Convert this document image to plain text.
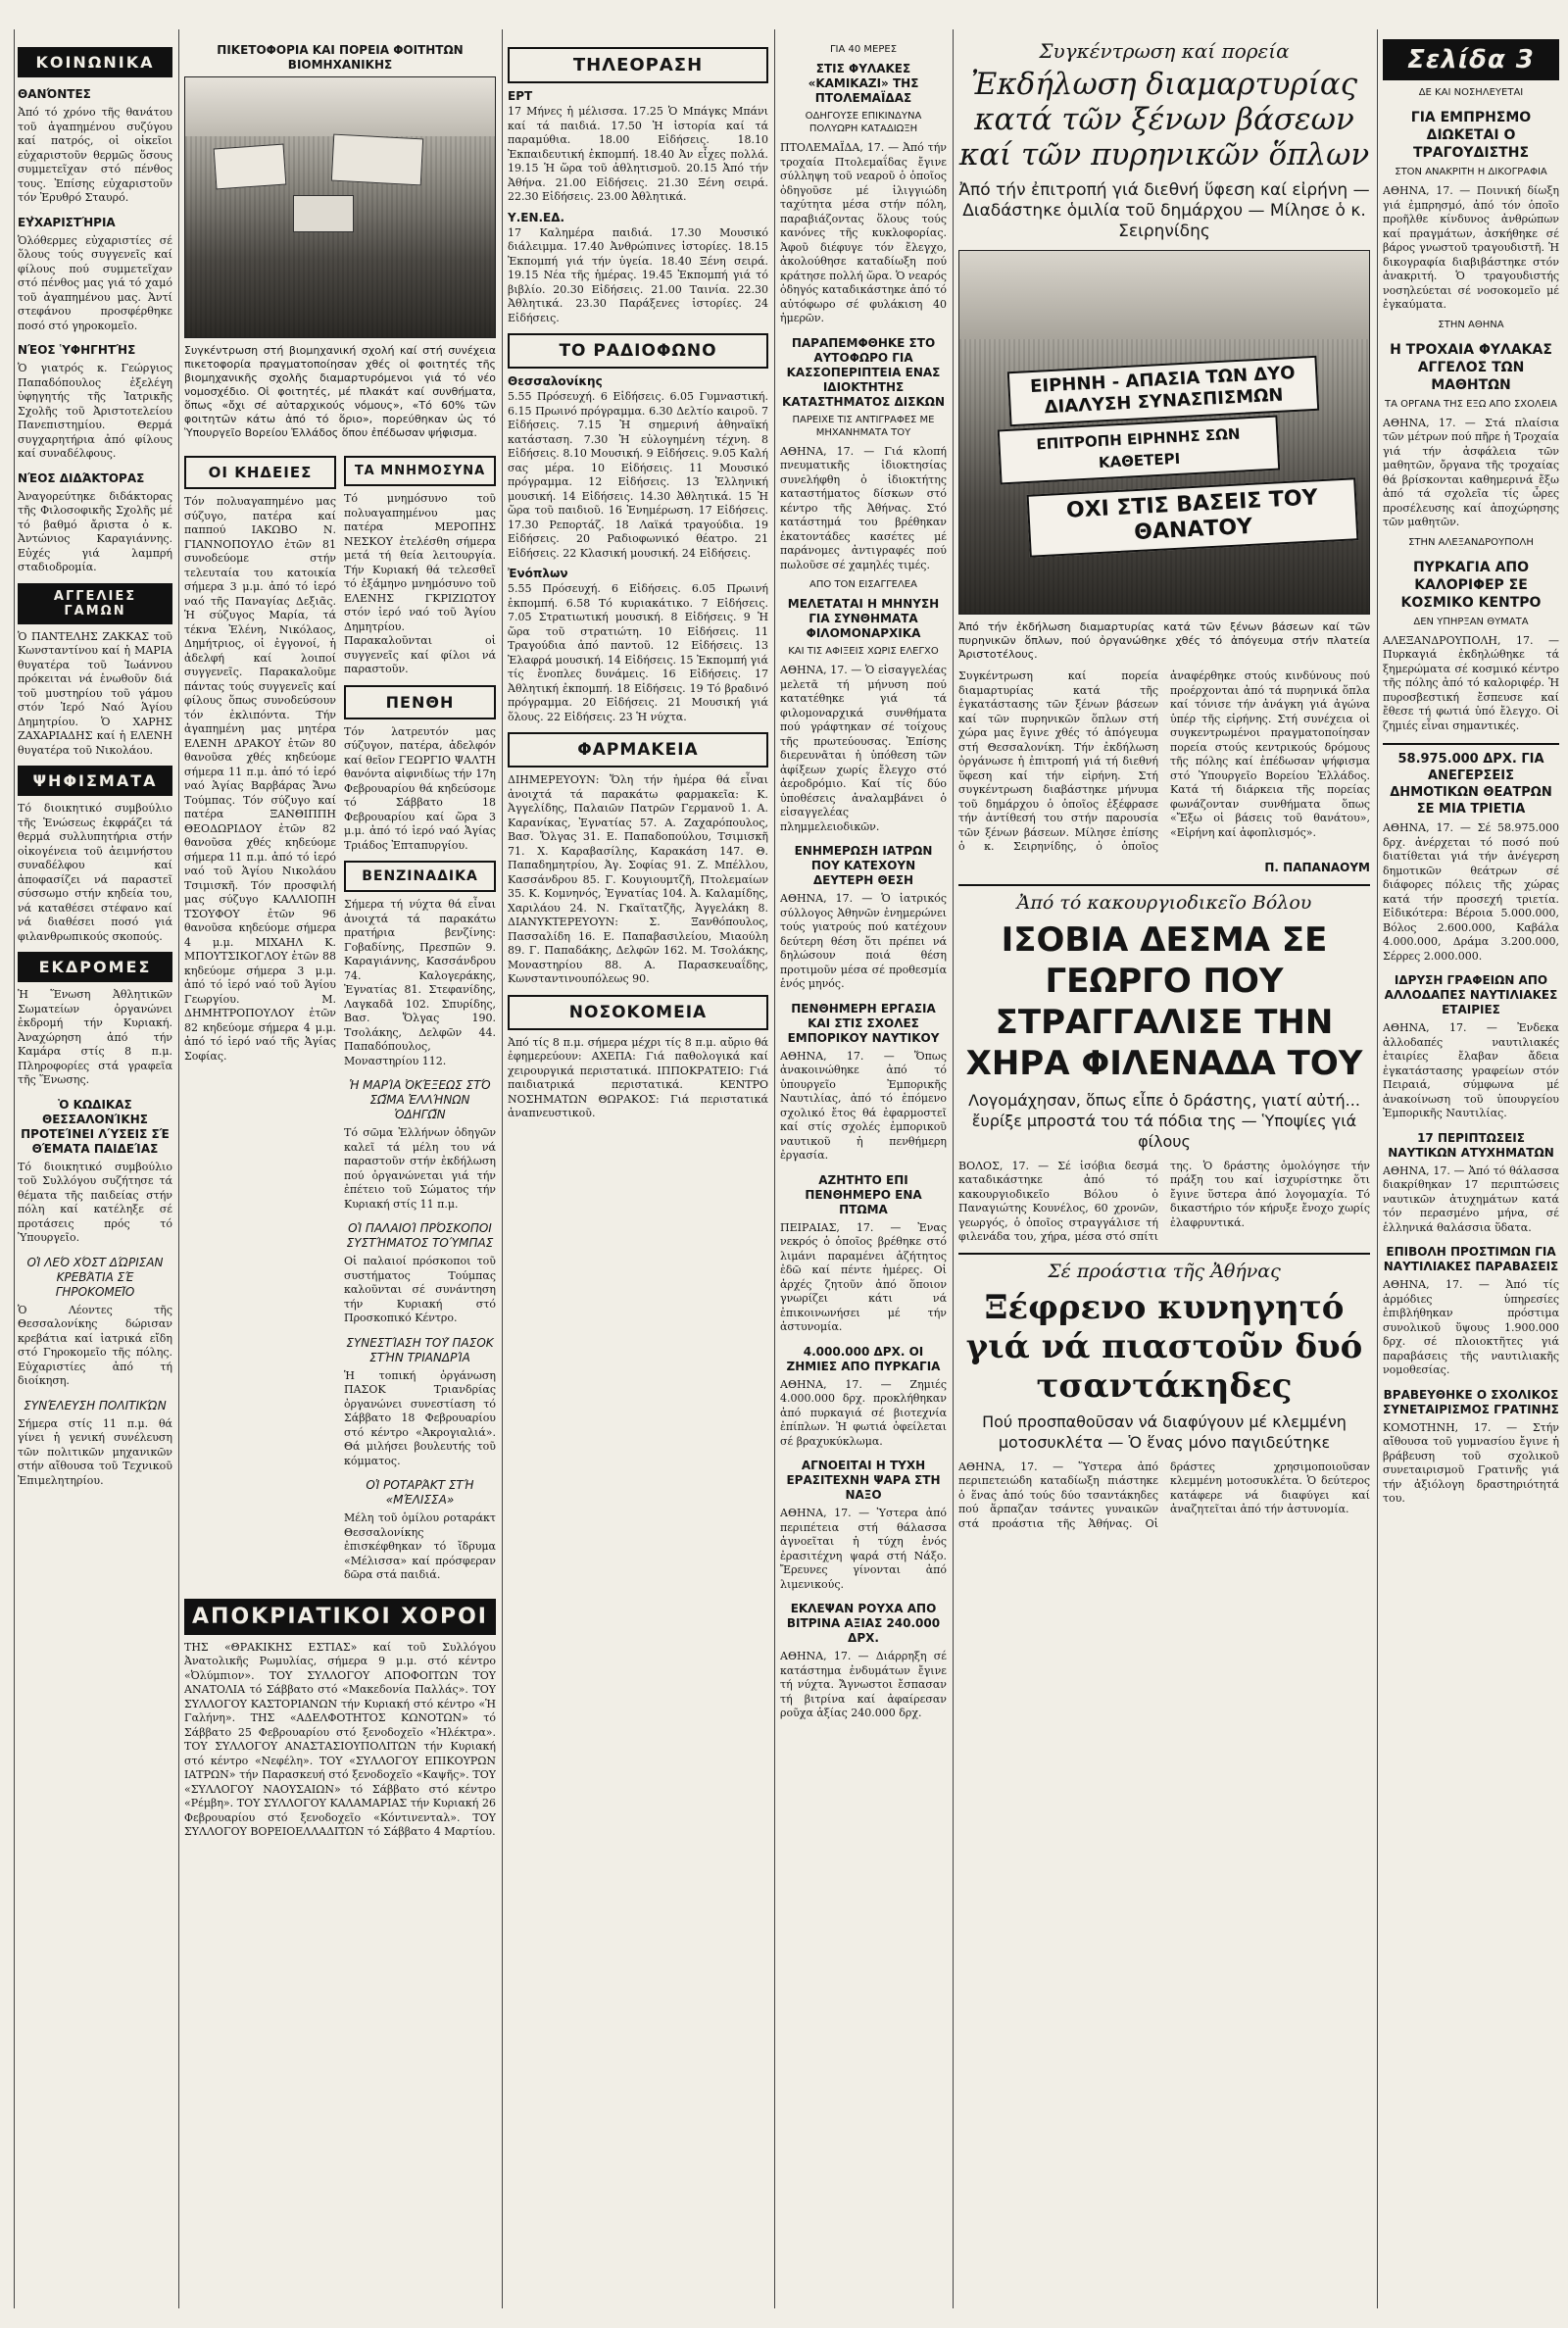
ΚΟΙΝΩΝΙΚΑ
ΘΑΝΌΝΤΕΣ

Ἀπό τό χρόνο τῆς θανάτου τοῦ ἀγαπημένου συζύγου καί πατρός, οἱ οἰκεῖοι εὐχαριστοῦν θερμῶς ὅσους συμμετεῖχαν στό πένθος τους. Ἐπίσης εὐχαριστοῦν τόν Ἐρυθρό Σταυρό.

ΕΥ̓ΧΑΡΙΣΤΉΡΙΑ

Ὁλόθερμες εὐχαριστίες σέ ὅλους τούς συγγενεῖς καί φίλους πού συμμετεῖχαν στό πένθος μας γιά τό χαμό τοῦ ἀγαπημένου μας. Ἀντί στεφάνου προσφέρθηκε ποσό στό γηροκομεῖο.

ΝΈΟΣ ὙΦΗΓΗΤΉΣ

Ὁ γιατρός κ. Γεώργιος Παπαδόπουλος ἐξελέγη ὑφηγητής τῆς Ἰατρικῆς Σχολῆς τοῦ Ἀριστοτελείου Πανεπιστημίου. Θερμά συγχαρητήρια ἀπό φίλους καί συναδέλφους.

ΝΈΟΣ ΔΙΔΆΚΤΟΡΑΣ

Ἀναγορεύτηκε διδάκτορας τῆς Φιλοσοφικῆς Σχολῆς μέ τό βαθμό ἄριστα ὁ κ. Ἀντώνιος Καραγιάννης. Εὐχές γιά λαμπρή σταδιοδρομία.

ΑΓΓΕΛΙΕΣ ΓΑΜΩΝ

Ὁ ΠΑΝΤΕΛΗΣ ΖΑΚΚΑΣ τοῦ Κωνσταντίνου καί ἡ ΜΑΡΙΑ θυγατέρα τοῦ Ἰωάννου πρόκειται νά ἑνωθοῦν διά τοῦ μυστηρίου τοῦ γάμου στόν Ἱερό Ναό Ἁγίου Δημητρίου. Ὁ ΧΑΡΗΣ ΖΑΧΑΡΙΑΔΗΣ καί ἡ ΕΛΕΝΗ θυγατέρα τοῦ Νικολάου.

ΨΗΦΙΣΜΑΤΑ

Τό διοικητικό συμβούλιο τῆς Ἑνώσεως ἐκφράζει τά θερμά συλλυπητήρια στήν οἰκογένεια τοῦ ἀειμνήστου συναδέλφου καί ἀποφασίζει νά παραστεῖ σύσσωμο στήν κηδεία του, νά καταθέσει στέφανο καί νά διαθέσει ποσό γιά φιλανθρωπικούς σκοπούς.

ΕΚΔΡΟΜΕΣ

Ἡ Ἕνωση Ἀθλητικῶν Σωματείων ὀργανώνει ἐκδρομή τήν Κυριακή. Ἀναχώρηση ἀπό τήν Καμάρα στίς 8 π.μ. Πληροφορίες στά γραφεῖα τῆς Ἕνωσης.

Ὁ ΚΩΔΙΚΑΣ ΘΕΣΣΑΛΟΝΊΚΗΣ ΠΡΟΤΕΊΝΕΙ ΛΎΣΕΙΣ ΣΈ ΘΈΜΑΤΑ ΠΑΙΔΕΊΑΣ

Τό διοικητικό συμβούλιο τοῦ Συλλόγου συζήτησε τά θέματα τῆς παιδείας στήν πόλη καί κατέληξε σέ προτάσεις πρός τό Ὑπουργεῖο.

ΟἹ ΛΕΌ ΧΌΣΤ ΔΏΡΙΣΑΝ ΚΡΕΒΆΤΙΑ ΣΈ ΓΗΡΟΚΟΜΕΙ͂Ο

Ὁ Λέοντες τῆς Θεσσαλονίκης δώρισαν κρεβάτια καί ἰατρικά εἴδη στό Γηροκομεῖο τῆς πόλης. Εὐχαριστίες ἀπό τή διοίκηση.

ΣΥΝΈΛΕΥΣΗ ΠΟΛΙΤΙΚΏΝ

Σήμερα στίς 11 π.μ. θά γίνει ἡ γενική συνέλευση τῶν πολιτικῶν μηχανικῶν στήν αἴθουσα τοῦ Τεχνικοῦ Ἐπιμελητηρίου.

ΠΙΚΕΤΟΦΟΡΙΑ ΚΑΙ ΠΟΡΕΙΑ ΦΟΙΤΗΤΩΝ ΒΙΟΜΗΧΑΝΙΚΗΣ

Συγκέντρωση στή βιομηχανική σχολή καί στή συνέχεια πικετοφορία πραγματοποίησαν χθές οἱ φοιτητές τῆς βιομηχανικῆς σχολῆς διαμαρτυρόμενοι γιά τό νέο νομοσχέδιο. Οἱ φοιτητές, μέ πλακάτ καί συνθήματα, ὅπως «ὄχι σέ αὐταρχικούς νόμους», «Τό 60% τῶν φοιτητῶν κάτω ἀπό τό ὅριο», πορεύθηκαν ὡς τό Ὑπουργεῖο Βορείου Ἑλλάδος ὅπου ἐπέδωσαν ψήφισμα.

ΟΙ ΚΗΔΕΙΕΣ

Τόν πολυαγαπημένο μας σύζυγο, πατέρα καί παππού ΙΑΚΩΒΟ Ν. ΓΙΑΝΝΟΠΟΥΛΟ ἐτῶν 81 συνοδεύομε στήν τελευταία του κατοικία σήμερα 3 μ.μ. ἀπό τό ἱερό ναό τῆς Παναγίας Δεξιᾶς. Ἡ σύζυγος Μαρία, τά τέκνα Ἐλένη, Νικόλαος, Δημήτριος, οἱ ἐγγονοί, ἡ ἀδελφή καί λοιποί συγγενεῖς. Παρακαλοῦμε πάντας τούς συγγενεῖς καί φίλους ὅπως συνοδεύσουν τόν ἐκλιπόντα. Τήν ἀγαπημένη μας μητέρα ΕΛΕΝΗ ΔΡΑΚΟΥ ἐτῶν 80 θανοῦσα χθές κηδεύομε σήμερα 11 π.μ. ἀπό τό ἱερό ναό Ἁγίας Βαρβάρας Ἄνω Τούμπας. Τόν σύζυγο καί πατέρα ΞΑΝΘΙΠΠΗ ΘΕΟΔΩΡΙΔΟΥ ἐτῶν 82 θανοῦσα χθές κηδεύομε σήμερα 11 π.μ. ἀπό τό ἱερό ναό τοῦ Ἁγίου Νικολάου Τσιμισκῆ. Τόν προσφιλή μας σύζυγο ΚΑΛΛΙΟΠΗ ΤΣΟΥΦΟΥ ἐτῶν 96 θανοῦσα κηδεύομε σήμερα 4 μ.μ. ΜΙΧΑΗΛ Κ. ΜΠΟΥΤΣΙΚΟΓΛΟΥ ἐτῶν 88 κηδεύομε σήμερα 3 μ.μ. ἀπό τό ἱερό ναό τοῦ Ἁγίου Γεωργίου. Μ. ΔΗΜΗΤΡΟΠΟΥΛΟΥ ἐτῶν 82 κηδεύομε σήμερα 4 μ.μ. ἀπό τό ἱερό ναό τῆς Ἁγίας Σοφίας.

ΤΑ ΜΝΗΜΟΣΥΝΑ

Τό μνημόσυνο τοῦ πολυαγαπημένου μας πατέρα ΜΕΡΟΠΗΣ ΝΕΣΚΟΥ ἐτελέσθη σήμερα μετά τή θεία λειτουργία. Τήν Κυριακή θά τελεσθεῖ τό ἐξάμηνο μνημόσυνο τοῦ ΕΛΕΝΗΣ ΓΚΡΙΖΙΩΤΟΥ στόν ἱερό ναό τοῦ Ἁγίου Δημητρίου. Παρακαλοῦνται οἱ συγγενεῖς καί φίλοι νά παραστοῦν.

ΠΕΝΘΗ

Τόν λατρευτόν μας σύζυγον, πατέρα, ἀδελφόν καί θεῖον ΓΕΩΡΓΙΟ ΨΑΛΤΗ θανόντα αἰφνιδίως τήν 17η Φεβρουαρίου θά κηδεύσομε τό Σάββατο 18 Φεβρουαρίου καί ὥρα 3 μ.μ. ἀπό τό ἱερό ναό Ἁγίας Τριάδος Ἐπταπυργίου.

ΒΕΝΖΙΝΑΔΙΚΑ

Σήμερα τή νύχτα θά εἶναι ἀνοιχτά τά παρακάτω πρατήρια βενζίνης: Γοβαδίνης, Πρεσπῶν 9. Καραγιάννης, Κασσάνδρου 74. Καλογεράκης, Ἐγνατίας 81. Στεφανίδης, Λαγκαδᾶ 102. Σπυρίδης, Βασ. Ὄλγας 190. Τσολάκης, Δελφῶν 44. Παπαδόπουλος, Μοναστηρίου 112.

Ἡ ΜΑΡΊΑ ὈΚΈΞΕΩΣ ΣΤΌ ΣΩ͂ΜΑ ἙΛΛΉΝΩΝ ὉΔΗΓΩ͂Ν

Τό σῶμα Ἑλλήνων ὁδηγῶν καλεῖ τά μέλη του νά παραστοῦν στήν ἐκδήλωση πού ὀργανώνεται γιά τήν ἐπέτειο τοῦ Σώματος τήν Κυριακή στίς 11 π.μ.

ΟἹ ΠΑΛΑΙΟΊ ΠΡΌΣΚΟΠΟΙ ΣΥΣΤΉΜΑΤΟΣ ΤΟΎΜΠΑΣ

Οἱ παλαιοί πρόσκοποι τοῦ συστήματος Τούμπας καλοῦνται σέ συνάντηση τήν Κυριακή στό Προσκοπικό Κέντρο.

ΣΥΝΕΣΤΊΑΣΗ ΤΟΥ͂ ΠΑΣΟΚ ΣΤΉΝ ΤΡΙΑΝΔΡΊΑ

Ἡ τοπική ὀργάνωση ΠΑΣΟΚ Τριανδρίας ὀργανώνει συνεστίαση τό Σάββατο 18 Φεβρουαρίου στό κέντρο «Ἀκρογιαλιά». Θά μιλήσει βουλευτής τοῦ κόμματος.

ΟἹ ΡΟΤΑΡΆΚΤ ΣΤΉ «ΜΈΛΙΣΣΑ»

Μέλη τοῦ ὁμίλου ροταράκτ Θεσσαλονίκης ἐπισκέφθηκαν τό ἵδρυμα «Μέλισσα» καί πρόσφεραν δῶρα στά παιδιά.

ΑΠΟΚΡΙΑΤΙΚΟΙ ΧΟΡΟΙ

ΤΗΣ «ΘΡΑΚΙΚΗΣ ΕΣΤΙΑΣ» καί τοῦ Συλλόγου Ἀνατολικῆς Ρωμυλίας, σήμερα 9 μ.μ. στό κέντρο «Ὀλύμπιον». ΤΟΥ ΣΥΛΛΟΓΟΥ ΑΠΟΦΟΙΤΩΝ ΤΟΥ ΑΝΑΤΟΛΙΑ τό Σάββατο στό «Μακεδονία Παλλάς». ΤΟΥ ΣΥΛΛΟΓΟΥ ΚΑΣΤΟΡΙΑΝΩΝ τήν Κυριακή στό κέντρο «Ἡ Γαλήνη». ΤΗΣ «ΑΔΕΛΦΟΤΗΤΟΣ ΚΩΝΟΤΩΝ» τό Σάββατο 25 Φεβρουαρίου στό ξενοδοχεῖο «Ἡλέκτρα». ΤΟΥ ΣΥΛΛΟΓΟΥ ΑΝΑΣΤΑΣΙΟΥΠΟΛΙΤΩΝ τήν Κυριακή στό κέντρο «Νεφέλη». ΤΟΥ «ΣΥΛΛΟΓΟΥ ΕΠΙΚΟΥΡΩΝ ΙΑΤΡΩΝ» τήν Παρασκευή στό ξενοδοχεῖο «Καψῆς». ΤΟΥ «ΣΥΛΛΟΓΟΥ ΝΑΟΥΣΑΙΩΝ» τό Σάββατο στό κέντρο «Ρέμβη». ΤΟΥ ΣΥΛΛΟΓΟΥ ΚΑΛΑΜΑΡΙΑΣ τήν Κυριακή 26 Φεβρουαρίου στό ξενοδοχεῖο «Κόντινενταλ». ΤΟΥ ΣΥΛΛΟΓΟΥ ΒΟΡΕΙΟΕΛΛΑΔΙΤΩΝ τό Σάββατο 4 Μαρτίου.

ΤΗΛΕΟΡΑΣΗ
ΕΡΤ

17 Μήνες ἡ μέλισσα. 17.25 Ὁ Μπάγκς Μπάνι καί τά παιδιά. 17.50 Ἡ ἱστορία καί τά παραμύθια. 18.00 Εἰδήσεις. 18.10 Ἐκπαιδευτική ἐκπομπή. 18.40 Ἀν εἶχες πολλά. 19.15 Ἡ ὥρα τοῦ ἀθλητισμοῦ. 20.15 Ἀπό τήν Ἀθήνα. 21.00 Εἰδήσεις. 21.30 Ξένη σειρά. 22.30 Εἰδήσεις. 23.00 Ἀθλητικά.

Υ.ΕΝ.ΕΔ.

17 Καλημέρα παιδιά. 17.30 Μουσικό διάλειμμα. 17.40 Ἀνθρώπινες ἱστορίες. 18.15 Ἐκπομπή γιά τήν ὑγεία. 18.40 Ξένη σειρά. 19.15 Νέα τῆς ἡμέρας. 19.45 Ἐκπομπή γιά τό βιβλίο. 20.30 Εἰδήσεις. 21.00 Ταινία. 22.30 Ἀθλητικά. 23.30 Παράξενες ἱστορίες. 24 Εἰδήσεις.

ΤΟ ΡΑΔΙΟΦΩΝΟ
Θεσσαλονίκης

5.55 Πρόσευχή. 6 Εἰδήσεις. 6.05 Γυμναστική. 6.15 Πρωινό πρόγραμμα. 6.30 Δελτίο καιροῦ. 7 Εἰδήσεις. 7.15 Ἡ σημερινή ἀθηναϊκή κατάσταση. 7.30 Ἡ εὐλογημένη τέχνη. 8 Εἰδήσεις. 8.10 Μουσική. 9 Εἰδήσεις. 9.05 Καλή σας μέρα. 10 Εἰδήσεις. 11 Μουσικό πρόγραμμα. 12 Εἰδήσεις. 13 Ἑλληνική μουσική. 14 Εἰδήσεις. 14.30 Ἀθλητικά. 15 Ἡ ὥρα τοῦ παιδιοῦ. 16 Ἐνημέρωση. 17 Εἰδήσεις. 17.30 Ρεπορτάζ. 18 Λαϊκά τραγούδια. 19 Εἰδήσεις. 20 Ραδιοφωνικό θέατρο. 21 Εἰδήσεις. 22 Κλασική μουσική. 24 Εἰδήσεις.

Ἐνόπλων

5.55 Πρόσευχή. 6 Εἰδήσεις. 6.05 Πρωινή ἐκπομπή. 6.58 Τό κυριακάτικο. 7 Εἰδήσεις. 7.05 Στρατιωτική μουσική. 8 Εἰδήσεις. 9 Ἡ ὥρα τοῦ στρατιώτη. 10 Εἰδήσεις. 11 Τραγούδια ἀπό παντοῦ. 12 Εἰδήσεις. 13 Ἐλαφρά μουσική. 14 Εἰδήσεις. 15 Ἐκπομπή γιά τίς ἔνοπλες δυνάμεις. 16 Εἰδήσεις. 17 Ἀθλητική ἐκπομπή. 18 Εἰδήσεις. 19 Τό βραδινό πρόγραμμα. 20 Εἰδήσεις. 21 Μουσική γιά ὅλους. 22 Εἰδήσεις. 23 Ἡ νύχτα.

ΦΑΡΜΑΚΕΙΑ

ΔΙΗΜΕΡΕΥΟΥΝ: Ὅλη τήν ἡμέρα θά εἶναι ἀνοιχτά τά παρακάτω φαρμακεῖα: Κ. Ἀγγελίδης, Παλαιῶν Πατρῶν Γερμανοῦ 1. Α. Καρανίκας, Ἐγνατίας 57. Α. Ζαχαρόπουλος, Βασ. Ὄλγας 31. Ε. Παπαδοπούλου, Τσιμισκῆ 71. Χ. Καραβασίλης, Καρακάση 147. Θ. Παπαδημητρίου, Ἀγ. Σοφίας 91. Ζ. Μπέλλου, Κασσάνδρου 85. Γ. Κουγιουμτζῆ, Πτολεμαίων 35. Κ. Κομνηνός, Ἐγνατίας 104. Ἀ. Καλαμίδης, Χαριλάου 24. Ν. Γκαϊτατζῆς, Ἀγγελάκη 8. ΔΙΑΝΥΚΤΕΡΕΥΟΥΝ: Σ. Ξανθόπουλος, Πασσαλίδη 16. Ε. Παπαβασιλείου, Μιαούλη 89. Γ. Παπαδάκης, Δελφῶν 162. Μ. Τσολάκης, Μοναστηρίου 88. Α. Παρασκευαΐδης, Κωνσταντινουπόλεως 90.

ΝΟΣΟΚΟΜΕΙΑ

Ἀπό τίς 8 π.μ. σήμερα μέχρι τίς 8 π.μ. αὔριο θά ἐφημερεύουν: ΑΧΕΠΑ: Γιά παθολογικά καί χειρουργικά περιστατικά. ΙΠΠΟΚΡΑΤΕΙΟ: Γιά παιδιατρικά περιστατικά. ΚΕΝΤΡΟ ΝΟΣΗΜΑΤΩΝ ΘΩΡΑΚΟΣ: Γιά περιστατικά ἀναπνευστικοῦ.

ΓΙΑ 40 ΜΕΡΕΣ
ΣΤΙΣ ΦΥΛΑΚΕΣ «ΚΑΜΙΚΑΖΙ» ΤΗΣ ΠΤΟΛΕΜΑΪΔΑΣ
ΟΔΗΓΟΥΣΕ ΕΠΙΚΙΝΔΥΝΑ ΠΟΛΥΩΡΗ ΚΑΤΑΔΙΩΞΗ

ΠΤΟΛΕΜΑΪΔΑ, 17. — Ἀπό τήν τροχαία Πτολεμαΐδας ἔγινε σύλληψη τοῦ νεαροῦ ὁ ὁποῖος ὁδηγοῦσε μέ ἰλιγγιώδη ταχύτητα μέσα στήν πόλη, παραβιάζοντας ὅλους τούς κανόνες τῆς κυκλοφορίας. Ἀφοῦ διέφυγε τόν ἔλεγχο, ἀκολούθησε καταδίωξη πού κράτησε πολλή ὥρα. Ὁ νεαρός ὁδηγός καταδικάστηκε ἀπό τό αὐτόφωρο σέ φυλάκιση 40 ἡμερῶν.

ΠΑΡΑΠΕΜΦΘΗΚΕ ΣΤΟ ΑΥΤΟΦΩΡΟ ΓΙΑ ΚΑΣΣΟΠΕΡΙΠΤΕΙΑ ΕΝΑΣ ΙΔΙΟΚΤΗΤΗΣ ΚΑΤΑΣΤΗΜΑΤΟΣ ΔΙΣΚΩΝ
ΠΑΡΕΙΧΕ ΤΙΣ ΑΝΤΙΓΡΑΦΕΣ ΜΕ ΜΗΧΑΝΗΜΑΤΑ ΤΟΥ

ΑΘΗΝΑ, 17. — Γιά κλοπή πνευματικῆς ἰδιοκτησίας συνελήφθη ὁ ἰδιοκτήτης καταστήματος δίσκων στό κέντρο τῆς Ἀθήνας. Στό κατάστημά του βρέθηκαν ἑκατοντάδες κασέτες μέ παράνομες ἀντιγραφές πού πωλοῦσε σέ χαμηλές τιμές.

ΑΠΟ ΤΟΝ ΕΙΣΑΓΓΕΛΕΑ
ΜΕΛΕΤΑΤΑΙ Η ΜΗΝΥΣΗ ΓΙΑ ΣΥΝΘΗΜΑΤΑ ΦΙΛΟΜΟΝΑΡΧΙΚΑ
ΚΑΙ ΤΙΣ ΑΦΙΞΕΙΣ ΧΩΡΙΣ ΕΛΕΓΧΟ

ΑΘΗΝΑ, 17. — Ὁ εἰσαγγελέας μελετᾶ τή μήνυση πού κατατέθηκε γιά τά φιλομοναρχικά συνθήματα πού γράφτηκαν σέ τοίχους τῆς πρωτεύουσας. Ἐπίσης διερευνᾶται ἡ ὑπόθεση τῶν ἀφίξεων χωρίς ἔλεγχο στό ἀεροδρόμιο. Καί τίς δύο ὑποθέσεις ἀναλαμβάνει ὁ εἰσαγγελέας πλημμελειοδικῶν.

ΕΝΗΜΕΡΩΣΗ ΙΑΤΡΩΝ ΠΟΥ ΚΑΤΕΧΟΥΝ ΔΕΥΤΕΡΗ ΘΕΣΗ

ΑΘΗΝΑ, 17. — Ὁ ἰατρικός σύλλογος Ἀθηνῶν ἐνημερώνει τούς γιατρούς πού κατέχουν δεύτερη θέση ὅτι πρέπει νά δηλώσουν ποιά θέση προτιμοῦν μέσα σέ προθεσμία ἑνός μηνός.

ΠΕΝΘΗΜΕΡΗ ΕΡΓΑΣΙΑ ΚΑΙ ΣΤΙΣ ΣΧΟΛΕΣ ΕΜΠΟΡΙΚΟΥ ΝΑΥΤΙΚΟΥ

ΑΘΗΝΑ, 17. — Ὅπως ἀνακοινώθηκε ἀπό τό ὑπουργεῖο Ἐμπορικῆς Ναυτιλίας, ἀπό τό ἑπόμενο σχολικό ἔτος θά ἐφαρμοστεῖ καί στίς σχολές ἐμπορικοῦ ναυτικοῦ ἡ πενθήμερη ἐργασία.

ΑΖΗΤΗΤΟ ΕΠΙ ΠΕΝΘΗΜΕΡΟ ΕΝΑ ΠΤΩΜΑ

ΠΕΙΡΑΙΑΣ, 17. — Ἐνας νεκρός ὁ ὁποῖος βρέθηκε στό λιμάνι παραμένει ἀζήτητος ἐδῶ καί πέντε ἡμέρες. Οἱ ἀρχές ζητοῦν ἀπό ὅποιον γνωρίζει κάτι νά ἐπικοινωνήσει μέ τήν ἀστυνομία.

4.000.000 ΔΡΧ. ΟΙ ΖΗΜΙΕΣ ΑΠΟ ΠΥΡΚΑΓΙΑ

ΑΘΗΝΑ, 17. — Ζημιές 4.000.000 δρχ. προκλήθηκαν ἀπό πυρκαγιά σέ βιοτεχνία ἐπίπλων. Ἡ φωτιά ὀφείλεται σέ βραχυκύκλωμα.

ΑΓΝΟΕΙΤΑΙ Η ΤΥΧΗ ΕΡΑΣΙΤΕΧΝΗ ΨΑΡΑ ΣΤΗ ΝΑΞΟ

ΑΘΗΝΑ, 17. — Ὑστερα ἀπό περιπέτεια στή θάλασσα ἀγνοεῖται ἡ τύχη ἑνός ἐρασιτέχνη ψαρά στή Νάξο. Ἔρευνες γίνονται ἀπό λιμενικούς.

ΕΚΛΕΨΑΝ ΡΟΥΧΑ ΑΠΟ ΒΙΤΡΙΝΑ ΑΞΙΑΣ 240.000 ΔΡΧ.

ΑΘΗΝΑ, 17. — Διάρρηξη σέ κατάστημα ἐνδυμάτων ἔγινε τή νύχτα. Ἄγνωστοι ἔσπασαν τή βιτρίνα καί ἀφαίρεσαν ροῦχα ἀξίας 240.000 δρχ.

Συγκέντρωση καί πορεία
Ἐκδήλωση διαμαρτυρίας κατά τῶν ξένων βάσεων καί τῶν πυρηνικῶν ὅπλων
Ἀπό τήν ἐπιτροπή γιά διεθνή ὕφεση καί εἰρήνη — Διαδάστηκε ὁμιλία τοῦ δημάρχου — Μίλησε ὁ κ. Σειρηνίδης
ΕΙΡΗΝΗ - ΑΠΑΣΙΑ ΤΩΝ ΔΥΟ ΔΙΑΛΥΣΗ ΣΥΝΑΣΠΙΣΜΩΝ
ΕΠΙΤΡΟΠΗ ΕΙΡΗΝΗΣ ΣΩΝ ΚΑΘΕΤΕΡΙ
ΟΧΙ ΣΤΙΣ ΒΑΣΕΙΣ ΤΟΥ ΘΑΝΑΤΟΥ

Ἀπό τήν ἐκδήλωση διαμαρτυρίας κατά τῶν ξένων βάσεων καί τῶν πυρηνικῶν ὅπλων, πού ὀργανώθηκε χθές τό ἀπόγευμα στήν πλατεία Ἀριστοτέλους.

Συγκέντρωση καί πορεία διαμαρτυρίας κατά τῆς ἐγκατάστασης τῶν ξένων βάσεων καί τῶν πυρηνικῶν ὅπλων στή χώρα μας ἔγινε χθές τό ἀπόγευμα στή Θεσσαλονίκη. Τήν ἐκδήλωση ὀργάνωσε ἡ ἐπιτροπή γιά τή διεθνή ὕφεση καί τήν εἰρήνη. Στή συγκέντρωση διαβάστηκε μήνυμα τοῦ δημάρχου ὁ ὁποῖος ἐξέφρασε τήν ἀντίθεσή του στήν παρουσία τῶν ξένων βάσεων. Μίλησε ἐπίσης ὁ κ. Σειρηνίδης, ὁ ὁποῖος ἀναφέρθηκε στούς κινδύνους πού προέρχονται ἀπό τά πυρηνικά ὅπλα καί τόνισε τήν ἀνάγκη γιά ἀγώνα ὑπέρ τῆς εἰρήνης. Στή συνέχεια οἱ συγκεντρωμένοι πραγματοποίησαν πορεία στούς κεντρικούς δρόμους τῆς πόλης καί ἐπέδωσαν ψήφισμα στό Ὑπουργεῖο Βορείου Ἑλλάδος. Κατά τή διάρκεια τῆς πορείας φωνάζονταν συνθήματα ὅπως «Ἔξω οἱ βάσεις τοῦ θανάτου», «Εἰρήνη καί ἀφοπλισμός».

Π. ΠΑΠΑΝΑΟΥΜ
Ἀπό τό κακουργιοδικεῖο Βόλου
ΙΣΟΒΙΑ ΔΕΣΜΑ ΣΕ ΓΕΩΡΓΟ ΠΟΥ ΣΤΡΑΓΓΑΛΙΣΕ ΤΗΝ ΧΗΡΑ ΦΙΛΕΝΑΔΑ ΤΟΥ
Λογομάχησαν, ὅπως εἶπε ὁ δράστης, γιατί αὐτή... ἔυρίξε μπροστά του τά πόδια της — Ὑποψίες γιά φίλους

ΒΟΛΟΣ, 17. — Σέ ἰσόβια δεσμά καταδικάστηκε ἀπό τό κακουργιοδικεῖο Βόλου ὁ Παναγιώτης Κουνέλος, 60 χρονῶν, γεωργός, ὁ ὁποῖος στραγγάλισε τή φιλενάδα του, χήρα, μέσα στό σπίτι της. Ὁ δράστης ὁμολόγησε τήν πράξη του καί ἰσχυρίστηκε ὅτι ἔγινε ὕστερα ἀπό λογομαχία. Τό δικαστήριο τόν κήρυξε ἔνοχο χωρίς ἐλαφρυντικά.

Σέ προάστια τῆς Ἀθήνας
Ξέφρενο κυνηγητό γιά νά πιαστοῦν δυό τσαντάκηδες
Πού προσπαθοῦσαν νά διαφύγουν μέ κλεμμένη μοτοσυκλέτα — Ὁ ἕνας μόνο παγιδεύτηκε

ΑΘΗΝΑ, 17. — Ὕστερα ἀπό περιπετειώδη καταδίωξη πιάστηκε ὁ ἕνας ἀπό τούς δύο τσαντάκηδες πού ἅρπαζαν τσάντες γυναικῶν στά προάστια τῆς Ἀθήνας. Οἱ δράστες χρησιμοποιοῦσαν κλεμμένη μοτοσυκλέτα. Ὁ δεύτερος κατάφερε νά διαφύγει καί ἀναζητεῖται ἀπό τήν ἀστυνομία.

Σελίδα 3
ΔΕ ΚΑΙ ΝΟΣΗΛΕΥΕΤΑΙ
ΓΙΑ ΕΜΠΡΗΣΜΟ ΔΙΩΚΕΤΑΙ Ο ΤΡΑΓΟΥΔΙΣΤΗΣ
ΣΤΟΝ ΑΝΑΚΡΙΤΗ Η ΔΙΚΟΓΡΑΦΙΑ

ΑΘΗΝΑ, 17. — Ποινική δίωξη γιά ἐμπρησμό, ἀπό τόν ὁποῖο προῆλθε κίνδυνος ἀνθρώπων καί πραγμάτων, ἀσκήθηκε σέ βάρος γνωστοῦ τραγουδιστῆ. Ἡ δικογραφία διαβιβάστηκε στόν ἀνακριτή. Ὁ τραγουδιστής νοσηλεύεται σέ νοσοκομεῖο μέ ἐγκαύματα.

ΣΤΗΝ ΑΘΗΝΑ
Η ΤΡΟΧΑΙΑ ΦΥΛΑΚΑΣ ΑΓΓΕΛΟΣ ΤΩΝ ΜΑΘΗΤΩΝ
ΤΑ ΟΡΓΑΝΑ ΤΗΣ ΕΞΩ ΑΠΟ ΣΧΟΛΕΙΑ

ΑΘΗΝΑ, 17. — Στά πλαίσια τῶν μέτρων πού πῆρε ἡ Τροχαία γιά τήν ἀσφάλεια τῶν μαθητῶν, ὄργανα τῆς τροχαίας θά βρίσκονται καθημερινά ἔξω ἀπό τά σχολεῖα τίς ὧρες προσέλευσης καί ἀποχώρησης τῶν μαθητῶν.

ΣΤΗΝ ΑΛΕΞΑΝΔΡΟΥΠΟΛΗ
ΠΥΡΚΑΓΙΑ ΑΠΟ ΚΑΛΟΡΙΦΕΡ ΣΕ ΚΟΣΜΙΚΟ ΚΕΝΤΡΟ
ΔΕΝ ΥΠΗΡΞΑΝ ΘΥΜΑΤΑ

ΑΛΕΞΑΝΔΡΟΥΠΟΛΗ, 17. — Πυρκαγιά ἐκδηλώθηκε τά ξημερώματα σέ κοσμικό κέντρο τῆς πόλης ἀπό τό καλοριφέρ. Ἡ πυροσβεστική ἔσπευσε καί ἔθεσε τή φωτιά ὑπό ἔλεγχο. Οἱ ζημιές εἶναι σημαντικές.

58.975.000 ΔΡΧ. ΓΙΑ ΑΝΕΓΕΡΣΕΙΣ ΔΗΜΟΤΙΚΩΝ ΘΕΑΤΡΩΝ ΣΕ ΜΙΑ ΤΡΙΕΤΙΑ

ΑΘΗΝΑ, 17. — Σέ 58.975.000 δρχ. ἀνέρχεται τό ποσό πού διατίθεται γιά τήν ἀνέγερση δημοτικῶν θεάτρων σέ διάφορες πόλεις τῆς χώρας κατά τήν προσεχή τριετία. Εἰδικότερα: Βέροια 5.000.000, Βόλος 2.600.000, Καβάλα 4.000.000, Δράμα 3.200.000, Σέρρες 2.000.000.

ΙΔΡΥΣΗ ΓΡΑΦΕΙΩΝ ΑΠΟ ΑΛΛΟΔΑΠΕΣ ΝΑΥΤΙΛΙΑΚΕΣ ΕΤΑΙΡΙΕΣ

ΑΘΗΝΑ, 17. — Ἐνδεκα ἀλλοδαπές ναυτιλιακές ἑταιρίες ἔλαβαν ἄδεια ἐγκατάστασης γραφείων στόν Πειραιά, σύμφωνα μέ ἀνακοίνωση τοῦ ὑπουργείου Ἐμπορικῆς Ναυτιλίας.

17 ΠΕΡΙΠΤΩΣΕΙΣ ΝΑΥΤΙΚΩΝ ΑΤΥΧΗΜΑΤΩΝ

ΑΘΗΝΑ, 17. — Ἀπό τό θάλασσα διακρίθηκαν 17 περιπτώσεις ναυτικῶν ἀτυχημάτων κατά τόν περασμένο μήνα, σέ ἑλληνικά θαλάσσια ὕδατα.

ΕΠΙΒΟΛΗ ΠΡΟΣΤΙΜΩΝ ΓΙΑ ΝΑΥΤΙΛΙΑΚΕΣ ΠΑΡΑΒΑΣΕΙΣ

ΑΘΗΝΑ, 17. — Ἀπό τίς ἁρμόδιες ὑπηρεσίες ἐπιβλήθηκαν πρόστιμα συνολικοῦ ὕψους 1.900.000 δρχ. σέ πλοιοκτῆτες γιά παραβάσεις τῆς ναυτιλιακῆς νομοθεσίας.

ΒΡΑΒΕΥΘΗΚΕ Ο ΣΧΟΛΙΚΟΣ ΣΥΝΕΤΑΙΡΙΣΜΟΣ ΓΡΑΤΙΝΗΣ

ΚΟΜΟΤΗΝΗ, 17. — Στήν αἴθουσα τοῦ γυμνασίου ἔγινε ἡ βράβευση τοῦ σχολικοῦ συνεταιρισμοῦ Γρατινῆς γιά τήν ἀξιόλογη δραστηριότητά του.
